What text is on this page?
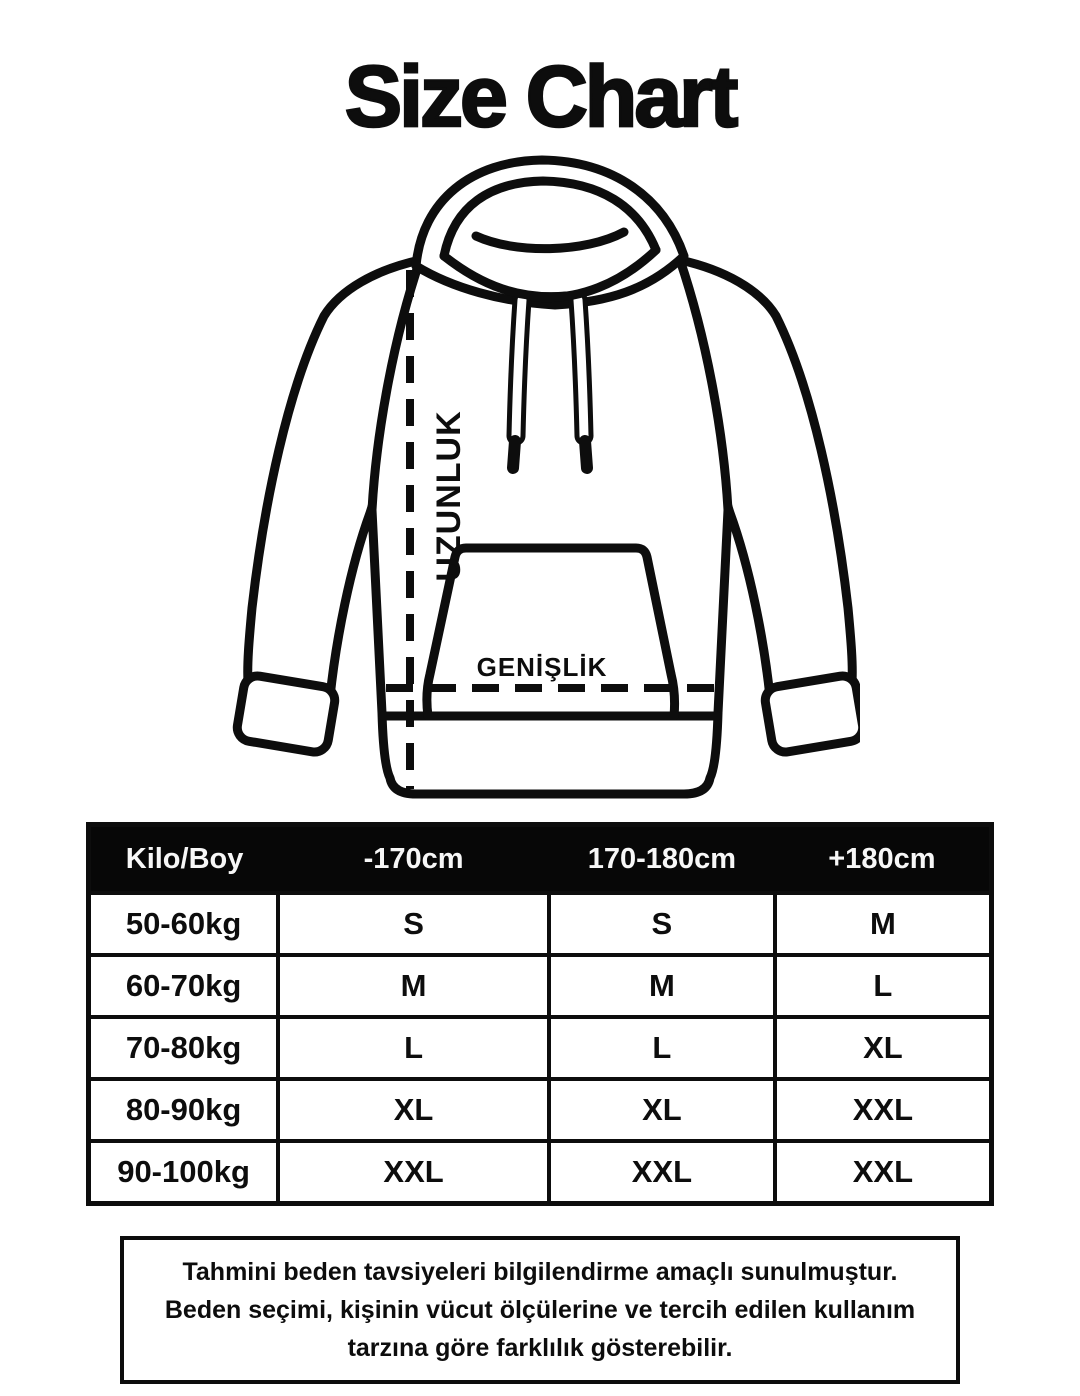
Size Chart
UZUNLUK
GENİŞLİK
Kilo/Boy	-170cm	170-180cm	+180cm
50-60kg	S	S	M
60-70kg	M	M	L
70-80kg	L	L	XL
80-90kg	XL	XL	XXL
90-100kg	XXL	XXL	XXL
Tahmini beden tavsiyeleri bilgilendirme amaçlı sunulmuştur.
Beden seçimi, kişinin vücut ölçülerine ve tercih edilen kullanım
tarzına göre farklılık gösterebilir.
